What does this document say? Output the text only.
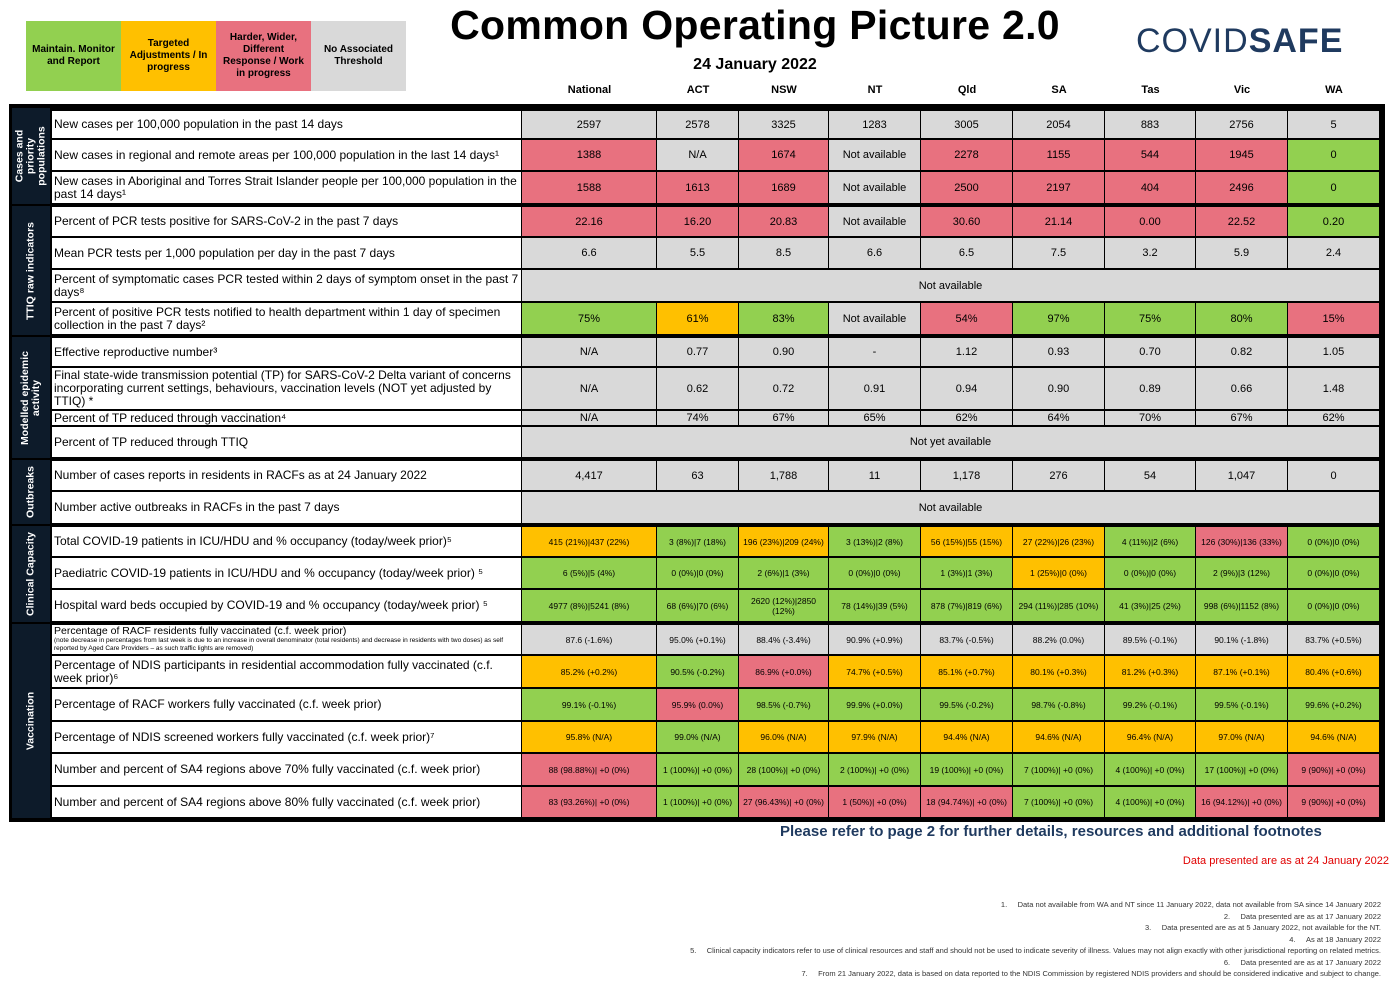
Maintain. Monitor and Report
Targeted Adjustments / In progress
Harder, Wider, Different Response / Work in progress
No Associated Threshold
Common Operating Picture 2.0
24 January 2022
COVIDSAFE
National	ACT	NSW	NT	Qld	SA	Tas	Vic	WA
Cases and priority populations
New cases per 100,000 population in the past 14 days	2597	2578	3325	1283	3005	2054	883	2756	5
New cases in regional and remote areas per 100,000 population in the last 14 days¹	1388	N/A	1674	Not available	2278	1155	544	1945	0
New cases in Aboriginal and Torres Strait Islander people per 100,000 population in the past 14 days¹	1588	1613	1689	Not available	2500	2197	404	2496	0
TTIQ raw indicators
Percent of PCR tests positive for SARS-CoV-2 in the past 7 days	22.16	16.20	20.83	Not available	30.60	21.14	0.00	22.52	0.20
Mean PCR tests per 1,000 population per day in the past 7 days	6.6	5.5	8.5	6.6	6.5	7.5	3.2	5.9	2.4
Percent of symptomatic cases PCR tested within 2 days of symptom onset in the past 7 days⁸	Not available
Percent of positive PCR tests notified to health department within 1 day of specimen collection in the past 7 days²	75%	61%	83%	Not available	54%	97%	75%	80%	15%
Modelled epidemic activity
Effective reproductive number³	N/A	0.77	0.90	-	1.12	0.93	0.70	0.82	1.05
Final state-wide transmission potential (TP) for SARS-CoV-2 Delta variant of concerns incorporating current settings, behaviours, vaccination levels (NOT yet adjusted by TTIQ) *
N/A	0.62	0.72	0.91	0.94	0.90	0.89	0.66	1.48
Percent of TP reduced through vaccination⁴	N/A	74%	67%	65%	62%	64%	70%	67%	62%
Percent of TP reduced through TTIQ	Not yet available
Outbreaks Number of cases reports in residents in RACFs as at 24 January 2022	4,417	63	1,788	11	1,178	276	54	1,047	0
Number active outbreaks in RACFs in the past 7 days	Not available
Clinical Capacity Total COVID-19 patients in ICU/HDU and % occupancy (today/week prior)⁵	415 (21%)|437 (22%)	3 (8%)|7 (18%)	196 (23%)|209 (24%)	3 (13%)|2 (8%)	56 (15%)|55 (15%)	27 (22%)|26 (23%)	4 (11%)|2 (6%)	126 (30%)|136 (33%)	0 (0%)|0 (0%)
Paediatric COVID-19 patients in ICU/HDU and % occupancy (today/week prior) ⁵	6 (5%)|5 (4%)	0 (0%)|0 (0%)	2 (6%)|1 (3%)	0 (0%)|0 (0%)	1 (3%)|1 (3%)	1 (25%)|0 (0%)	0 (0%)|0 (0%)	2 (9%)|3 (12%)	0 (0%)|0 (0%)
Hospital ward beds occupied by COVID-19 and % occupancy (today/week prior) ⁵	4977 (8%)|5241 (8%)	68 (6%)|70 (6%)	2620 (12%)|2850 (12%)	78 (14%)|39 (5%)	878 (7%)|819 (6%)	294 (11%)|285 (10%)	41 (3%)|25 (2%)	998 (6%)|1152 (8%)	0 (0%)|0 (0%)
Vaccination
Percentage of RACF residents fully vaccinated (c.f. week prior)
(note decrease in percentages from last week is due to an increase in overall denominator (total residents) and decrease in residents with two doses) as self reported by Aged Care Providers – as such traffic lights are removed)
87.6 (-1.6%)	95.0% (+0.1%)	88.4% (-3.4%)	90.9% (+0.9%)	83.7% (-0.5%)	88.2% (0.0%)	89.5% (-0.1%)	90.1% (-1.8%)	83.7% (+0.5%)
Percentage of NDIS participants in residential accommodation fully vaccinated (c.f. week prior)⁶	85.2% (+0.2%)	90.5% (-0.2%)	86.9% (+0.0%)	74.7% (+0.5%)	85.1% (+0.7%)	80.1% (+0.3%)	81.2% (+0.3%)	87.1% (+0.1%)	80.4% (+0.6%)
Percentage of RACF workers fully vaccinated (c.f. week prior)	99.1% (-0.1%)	95.9% (0.0%)	98.5% (-0.7%)	99.9% (+0.0%)	99.5% (-0.2%)	98.7% (-0.8%)	99.2% (-0.1%)	99.5% (-0.1%)	99.6% (+0.2%)
Percentage of NDIS screened workers fully vaccinated (c.f. week prior)⁷	95.8% (N/A)	99.0% (N/A)	96.0% (N/A)	97.9% (N/A)	94.4% (N/A)	94.6% (N/A)	96.4% (N/A)	97.0% (N/A)	94.6% (N/A)
Number and percent of SA4 regions above 70% fully vaccinated (c.f. week prior)	88 (98.88%)| +0 (0%)	1 (100%)| +0 (0%)	28 (100%)| +0 (0%)	2 (100%)| +0 (0%)	19 (100%)| +0 (0%)	7 (100%)| +0 (0%)	4 (100%)| +0 (0%)	17 (100%)| +0 (0%)	9 (90%)| +0 (0%)
Number and percent of SA4 regions above 80% fully vaccinated (c.f. week prior)	83 (93.26%)| +0 (0%)	1 (100%)| +0 (0%)	27 (96.43%)| +0 (0%)	1 (50%)| +0 (0%)	18 (94.74%)| +0 (0%)	7 (100%)| +0 (0%)	4 (100%)| +0 (0%)	16 (94.12%)| +0 (0%)	9 (90%)| +0 (0%)
Please refer to page 2 for further details, resources and additional footnotes
Data presented are as at 24 January 2022
1.     Data not available from WA and NT since 11 January 2022, data not available from SA since 14 January 2022
2.     Data presented are as at 17 January 2022
3.     Data presented are as at 5 January 2022, not available for the NT.
4.     As at 18 January 2022
5.     Clinical capacity indicators refer to use of clinical resources and staff and should not be used to indicate severity of illness. Values may not align exactly with other jurisdictional reporting on related metrics.
6.     Data presented are as at 17 January 2022
7.     From 21 January 2022, data is based on data reported to the NDIS Commission by registered NDIS providers and should be considered indicative and subject to change.
